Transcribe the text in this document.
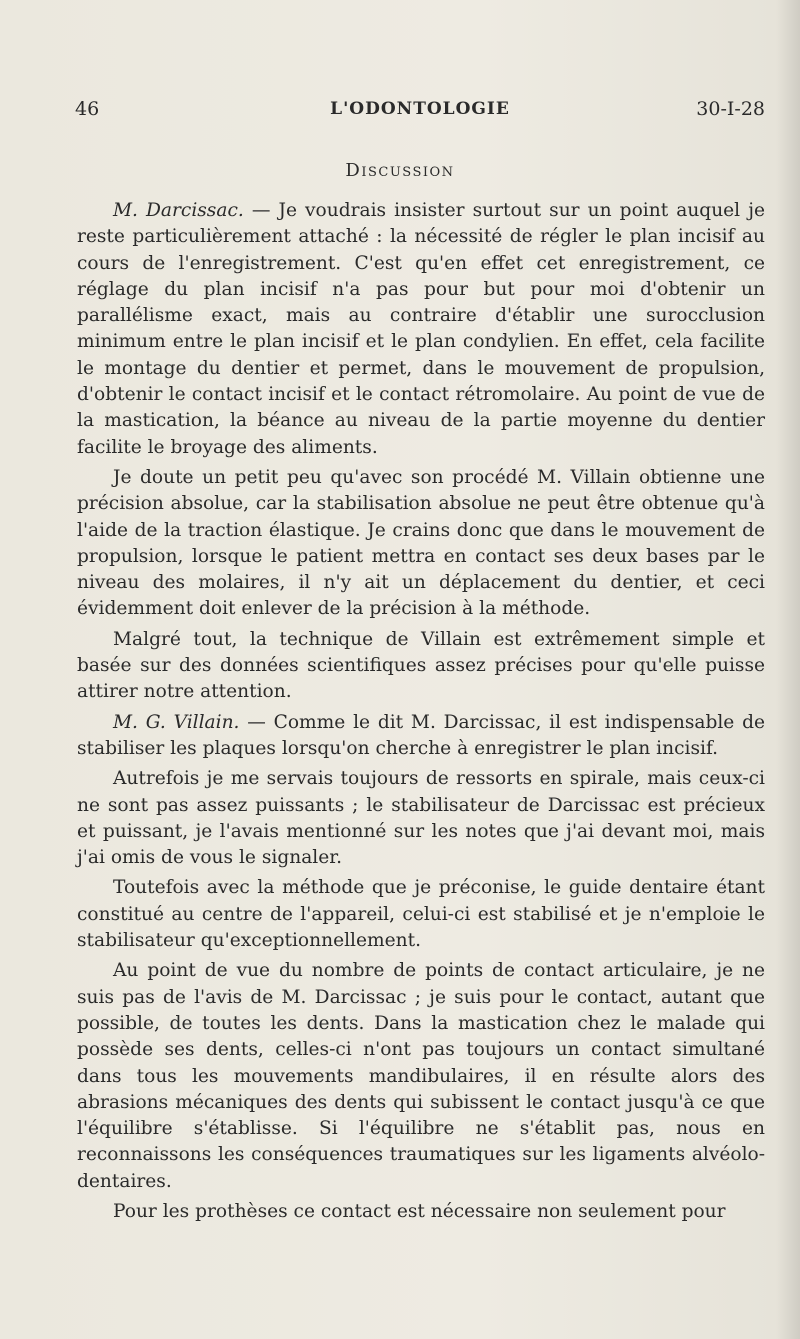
46	L'ODONTOLOGIE	30-I-28
Discussion

M. Darcissac. — Je voudrais insister surtout sur un point auquel je reste particulièrement attaché : la nécessité de régler le plan incisif au cours de l'enregistrement. C'est qu'en effet cet enregistrement, ce réglage du plan incisif n'a pas pour but pour moi d'obtenir un parallélisme exact, mais au contraire d'établir une surocclusion minimum entre le plan incisif et le plan condylien. En effet, cela facilite le montage du dentier et permet, dans le mouvement de propulsion, d'obtenir le contact incisif et le contact rétromolaire. Au point de vue de la mastication, la béance au niveau de la partie moyenne du dentier facilite le broyage des aliments.

Je doute un petit peu qu'avec son procédé M. Villain obtienne une précision absolue, car la stabilisation absolue ne peut être obtenue qu'à l'aide de la traction élastique. Je crains donc que dans le mouvement de propulsion, lorsque le patient mettra en contact ses deux bases par le niveau des molaires, il n'y ait un déplacement du dentier, et ceci évidemment doit enlever de la précision à la méthode.

Malgré tout, la technique de Villain est extrêmement simple et basée sur des données scientifiques assez précises pour qu'elle puisse attirer notre attention.

M. G. Villain. — Comme le dit M. Darcissac, il est indispensable de stabiliser les plaques lorsqu'on cherche à enregistrer le plan incisif.

Autrefois je me servais toujours de ressorts en spirale, mais ceux-ci ne sont pas assez puissants ; le stabilisateur de Darcissac est précieux et puissant, je l'avais mentionné sur les notes que j'ai devant moi, mais j'ai omis de vous le signaler.

Toutefois avec la méthode que je préconise, le guide dentaire étant constitué au centre de l'appareil, celui-ci est stabilisé et je n'emploie le stabilisateur qu'exceptionnellement.

Au point de vue du nombre de points de contact articulaire, je ne suis pas de l'avis de M. Darcissac ; je suis pour le contact, autant que possible, de toutes les dents. Dans la mastication chez le malade qui possède ses dents, celles-ci n'ont pas toujours un contact simultané dans tous les mouvements mandibulaires, il en résulte alors des abrasions mécaniques des dents qui subissent le contact jusqu'à ce que l'équilibre s'établisse. Si l'équilibre ne s'établit pas, nous en reconnaissons les conséquences traumatiques sur les ligaments alvéolo-dentaires.

Pour les prothèses ce contact est nécessaire non seulement pour
